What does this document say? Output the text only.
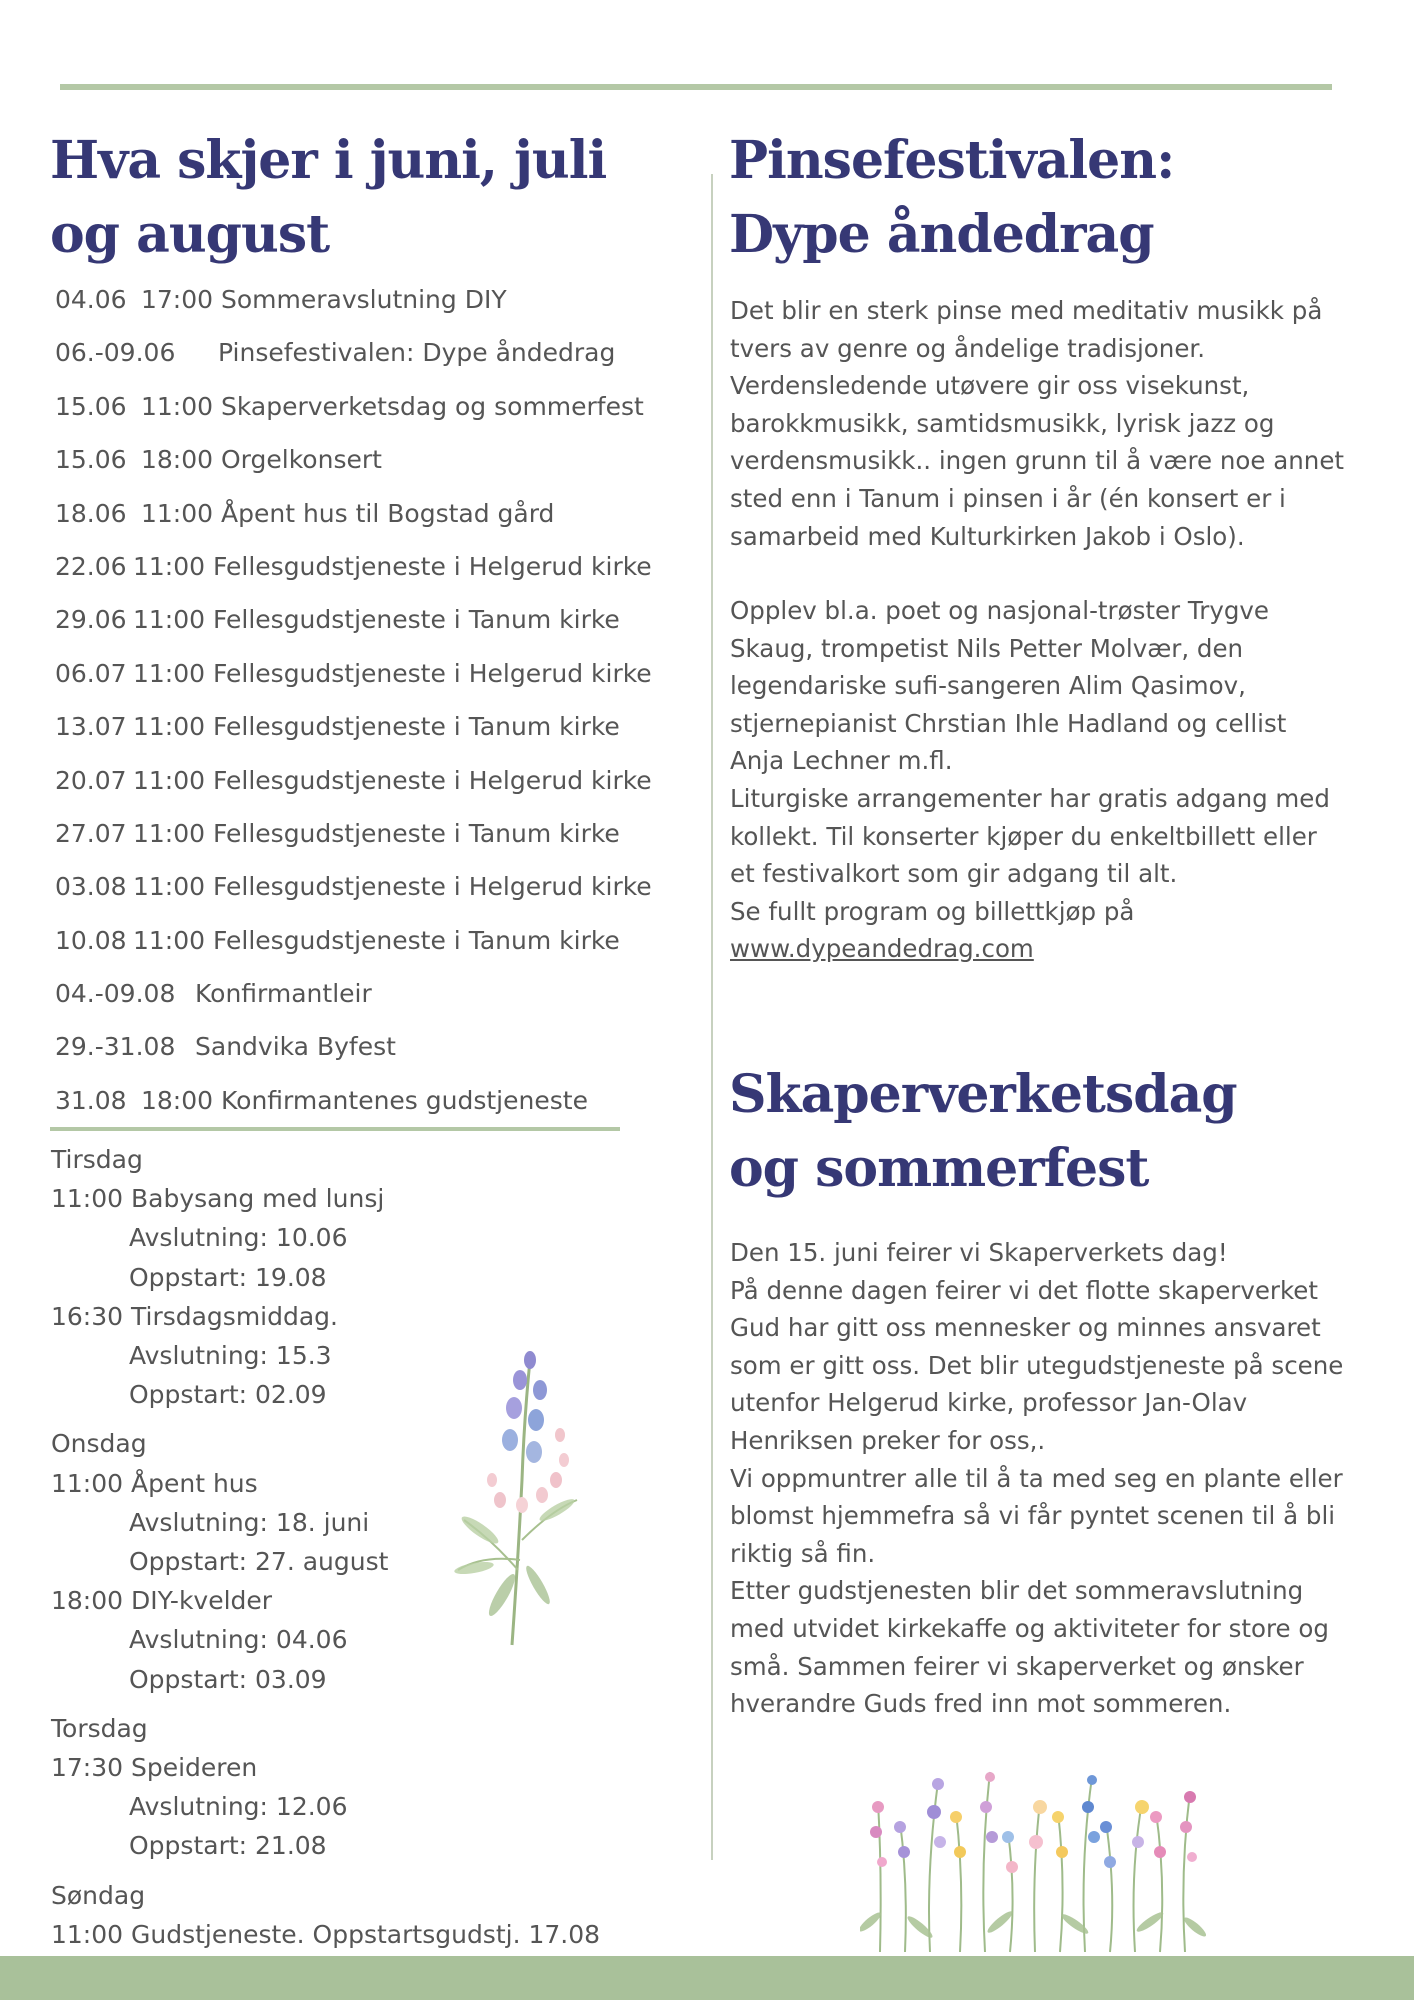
Hva skjer i juni, juli og august
04.06 17:00 Sommeravslutning DIY
06.-09.06 Pinsefestivalen: Dype åndedrag
15.06 11:00 Skaperverketsdag og sommerfest
15.06 18:00 Orgelkonsert
18.06 11:00 Åpent hus til Bogstad gård
22.06 11:00 Fellesgudstjeneste i Helgerud kirke
29.06 11:00 Fellesgudstjeneste i Tanum kirke
06.07 11:00 Fellesgudstjeneste i Helgerud kirke
13.07 11:00 Fellesgudstjeneste i Tanum kirke
20.07 11:00 Fellesgudstjeneste i Helgerud kirke
27.07 11:00 Fellesgudstjeneste i Tanum kirke
03.08 11:00 Fellesgudstjeneste i Helgerud kirke
10.08 11:00 Fellesgudstjeneste i Tanum kirke
04.-09.08 Konfirmantleir
29.-31.08 Sandvika Byfest
31.08 18:00 Konfirmantenes gudstjeneste
Tirsdag
11:00 Babysang med lunsj
Avslutning: 10.06
Oppstart: 19.08
16:30 Tirsdagsmiddag.
Avslutning: 15.3
Oppstart: 02.09
Onsdag
11:00 Åpent hus
Avslutning: 18. juni
Oppstart: 27. august
18:00 DIY-kvelder
Avslutning: 04.06
Oppstart: 03.09
Torsdag
17:30 Speideren
Avslutning: 12.06
Oppstart: 21.08
Søndag
11:00 Gudstjeneste. Oppstartsgudstj. 17.08
Pinsefestivalen:
Dype åndedrag
Det blir en sterk pinse med meditativ musikk på
tvers av genre og åndelige tradisjoner.
Verdensledende utøvere gir oss visekunst,
barokkmusikk, samtidsmusikk, lyrisk jazz og
verdensmusikk.. ingen grunn til å være noe annet
sted enn i Tanum i pinsen i år (én konsert er i
samarbeid med Kulturkirken Jakob i Oslo).
Opplev bl.a. poet og nasjonal-trøster Trygve
Skaug, trompetist Nils Petter Molvær, den
legendariske sufi-sangeren Alim Qasimov,
stjernepianist Chrstian Ihle Hadland og cellist
Anja Lechner m.fl.
Liturgiske arrangementer har gratis adgang med
kollekt. Til konserter kjøper du enkeltbillett eller
et festivalkort som gir adgang til alt.
Se fullt program og billettkjøp på
www.dypeandedrag.com
Skaperverketsdag
og sommerfest
Den 15. juni feirer vi Skaperverkets dag!
På denne dagen feirer vi det flotte skaperverket
Gud har gitt oss mennesker og minnes ansvaret
som er gitt oss. Det blir utegudstjeneste på scene
utenfor Helgerud kirke, professor Jan-Olav
Henriksen preker for oss,.
Vi oppmuntrer alle til å ta med seg en plante eller
blomst hjemmefra så vi får pyntet scenen til å bli
riktig så fin.
Etter gudstjenesten blir det sommeravslutning
med utvidet kirkekaffe og aktiviteter for store og
små. Sammen feirer vi skaperverket og ønsker
hverandre Guds fred inn mot sommeren.
